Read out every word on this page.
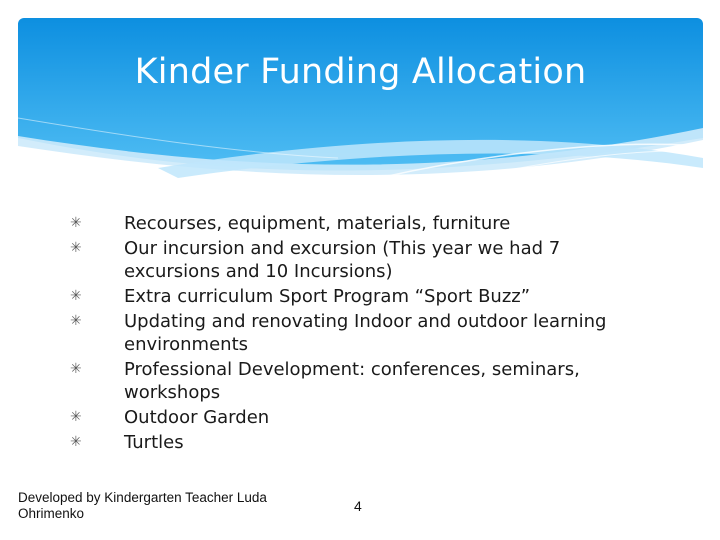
Kinder Funding Allocation
✳	Recourses, equipment, materials, furniture
✳	Our incursion and excursion (This year we had 7 excursions and 10 Incursions)
✳	Extra curriculum Sport Program “Sport Buzz”
✳	Updating and renovating Indoor and outdoor learning environments
✳	Professional Development: conferences, seminars, workshops
✳	Outdoor Garden
✳	Turtles
Developed by Kindergarten Teacher Luda Ohrimenko	4
